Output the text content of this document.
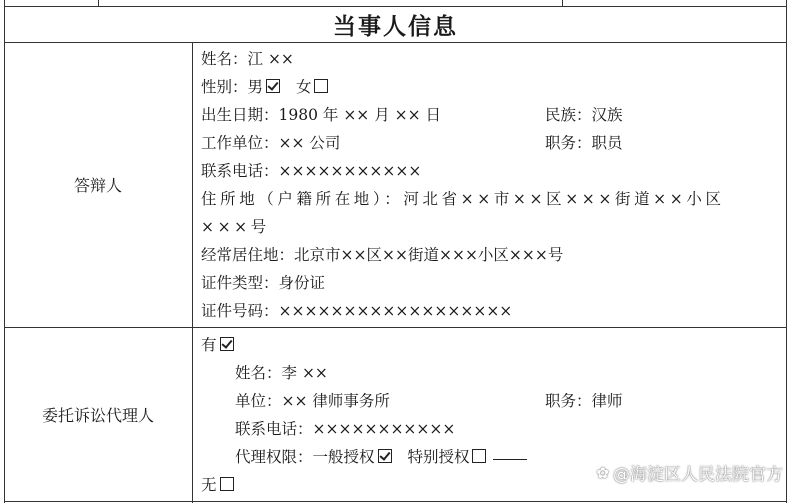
当事人信息
答辩人
姓名：江 ××
性别：男 女
出生日期：1980 年 ×× 月 ×× 日	民族：汉族
工作单位：×× 公司	职务：职员
联系电话：×××××××××××
住所地（户籍所在地）：河北省××市××区×××街道××小区
×××号
经常居住地：北京市××区××街道×××小区×××号
证件类型：身份证
证件号码：××××××××××××××××××
委托诉讼代理人
有
姓名：李 ××
单位：×× 律师事务所	职务：律师
联系电话：×××××××××××
代理权限：一般授权 特别授权
无
✿ @海淀区人民法院官方
